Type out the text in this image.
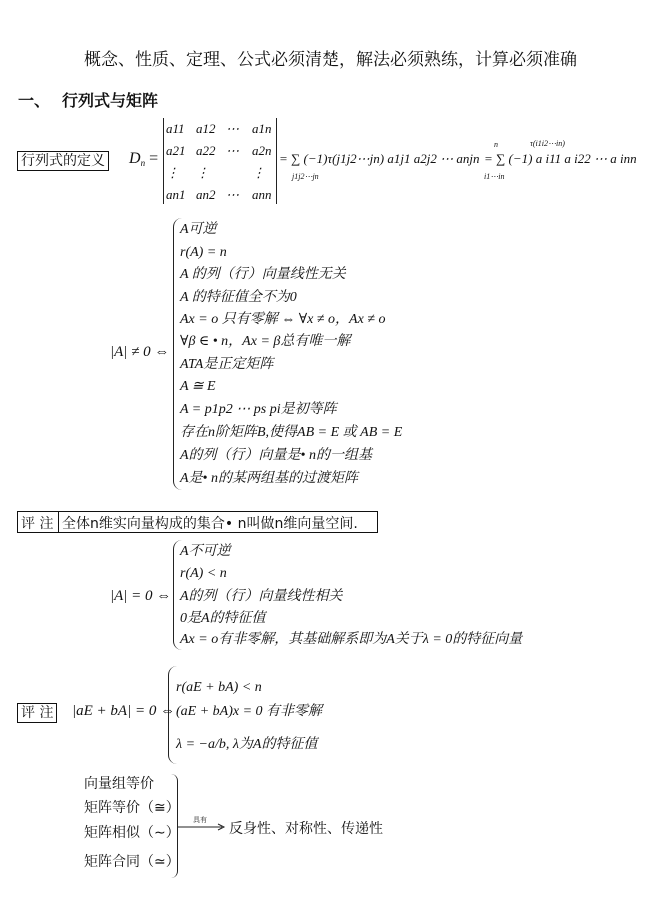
概念、性质、定理、公式必须清楚，解法必须熟练，计算必须准确
一、 行列式与矩阵
行列式的定义 $D_n$ =
a11 a12 ⋯ a1n
a21 a22 ⋯ a2n
⋮ ⋮	⋮
an1 an2 ⋯ ann
= ∑ (−1)τ(j1j2⋯jn) a1j1 a2j2 ⋯ anjn
j1j2⋯jn
= ∑ (−1) a i11 a i22 ⋯ a inn
n
i1⋯in
τ(i1i2⋯in)
|A| ≠ 0 ⇔
A可逆
r(A) = n
A 的列（行）向量线性无关
A 的特征值全不为0
Ax = o 只有零解 ⇔ ∀x ≠ o，Ax ≠ o
∀β ∈ • n，Ax = β总有唯一解
ATA是正定矩阵
A ≅ E
A = p1p2 ⋯ ps pi是初等阵
存在n阶矩阵B,使得AB = E 或 AB = E
A的列（行）向量是• n的一组基
A是• n的某两组基的过渡矩阵
评 注 全体n维实向量构成的集合• n叫做n维向量空间.
|A| = 0 ⇔
A不可逆
r(A) < n
A的列（行）向量线性相关
0是A的特征值
Ax = o有非零解，其基础解系即为A关于λ = 0的特征向量
评 注 |aE + bA| = 0 ⇔
r(aE + bA) < n
(aE + bA)x = 0 有非零解
λ = −a/b, λ为A的特征值
向量组等价
矩阵等价（≅）
矩阵相似（∼）
矩阵合同（≃）
具有
反身性、对称性、传递性
